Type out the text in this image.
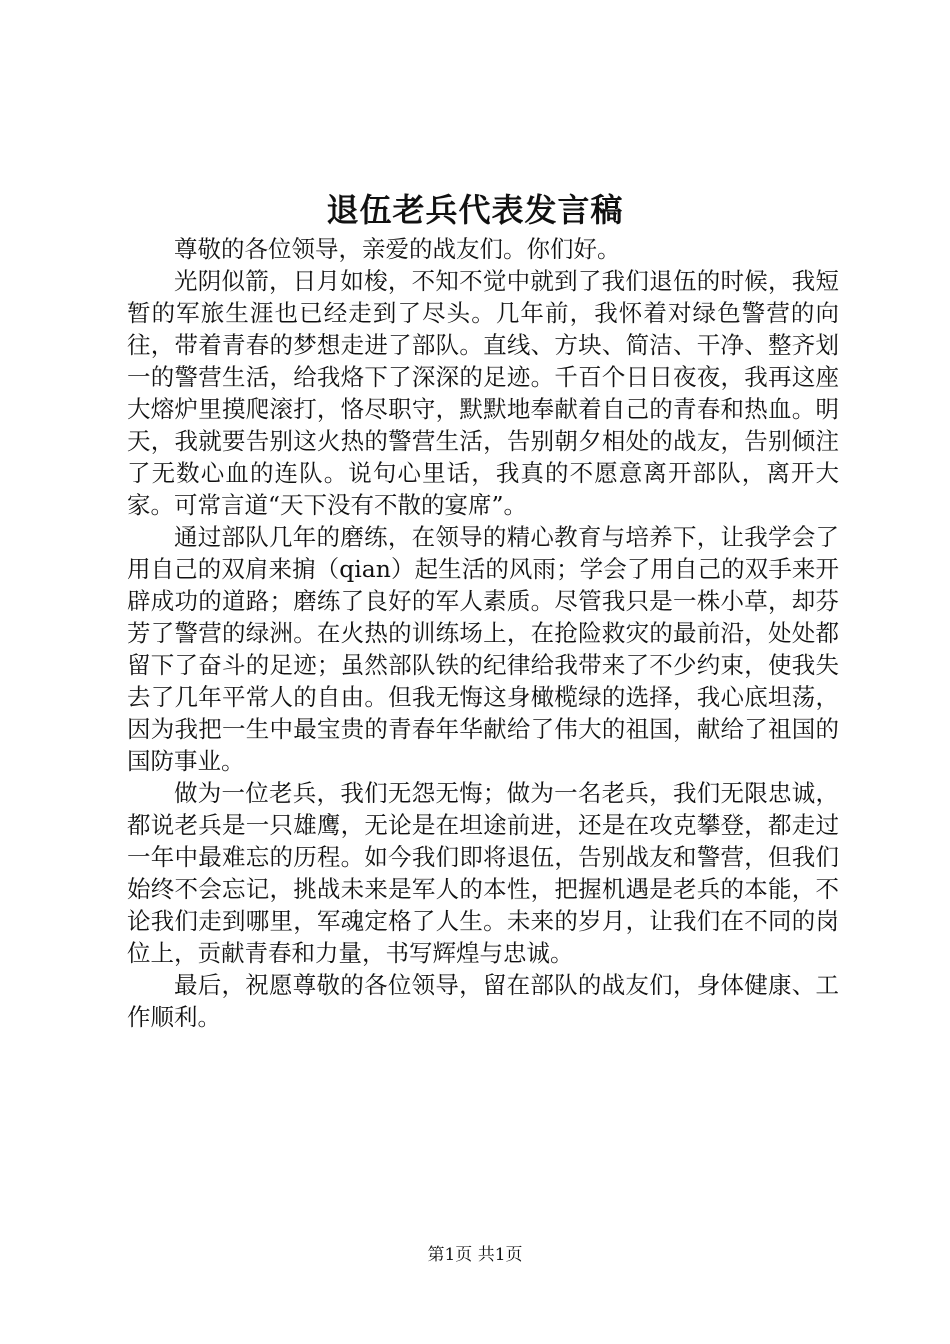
退伍老兵代表发言稿

尊敬的各位领导，亲爱的战友们。你们好。

光阴似箭，日月如梭，不知不觉中就到了我们退伍的时候，我短暂的军旅生涯也已经走到了尽头。几年前，我怀着对绿色警营的向往，带着青春的梦想走进了部队。直线、方块、简洁、干净、整齐划一的警营生活，给我烙下了深深的足迹。千百个日日夜夜，我再这座大熔炉里摸爬滚打，恪尽职守，默默地奉献着自己的青春和热血。明天，我就要告别这火热的警营生活，告别朝夕相处的战友，告别倾注了无数心血的连队。说句心里话，我真的不愿意离开部队，离开大家。可常言道“天下没有不散的宴席”。

通过部队几年的磨练，在领导的精心教育与培养下，让我学会了用自己的双肩来掮（qian）起生活的风雨；学会了用自己的双手来开辟成功的道路；磨练了良好的军人素质。尽管我只是一株小草，却芬芳了警营的绿洲。在火热的训练场上，在抢险救灾的最前沿，处处都留下了奋斗的足迹；虽然部队铁的纪律给我带来了不少约束，使我失去了几年平常人的自由。但我无悔这身橄榄绿的选择，我心底坦荡，因为我把一生中最宝贵的青春年华献给了伟大的祖国，献给了祖国的国防事业。

做为一位老兵，我们无怨无悔；做为一名老兵，我们无限忠诚，都说老兵是一只雄鹰，无论是在坦途前进，还是在攻克攀登，都走过一年中最难忘的历程。如今我们即将退伍，告别战友和警营，但我们始终不会忘记，挑战未来是军人的本性，把握机遇是老兵的本能，不论我们走到哪里，军魂定格了人生。未来的岁月，让我们在不同的岗位上，贡献青春和力量，书写辉煌与忠诚。

最后，祝愿尊敬的各位领导，留在部队的战友们，身体健康、工作顺利。

第1页 共1页
